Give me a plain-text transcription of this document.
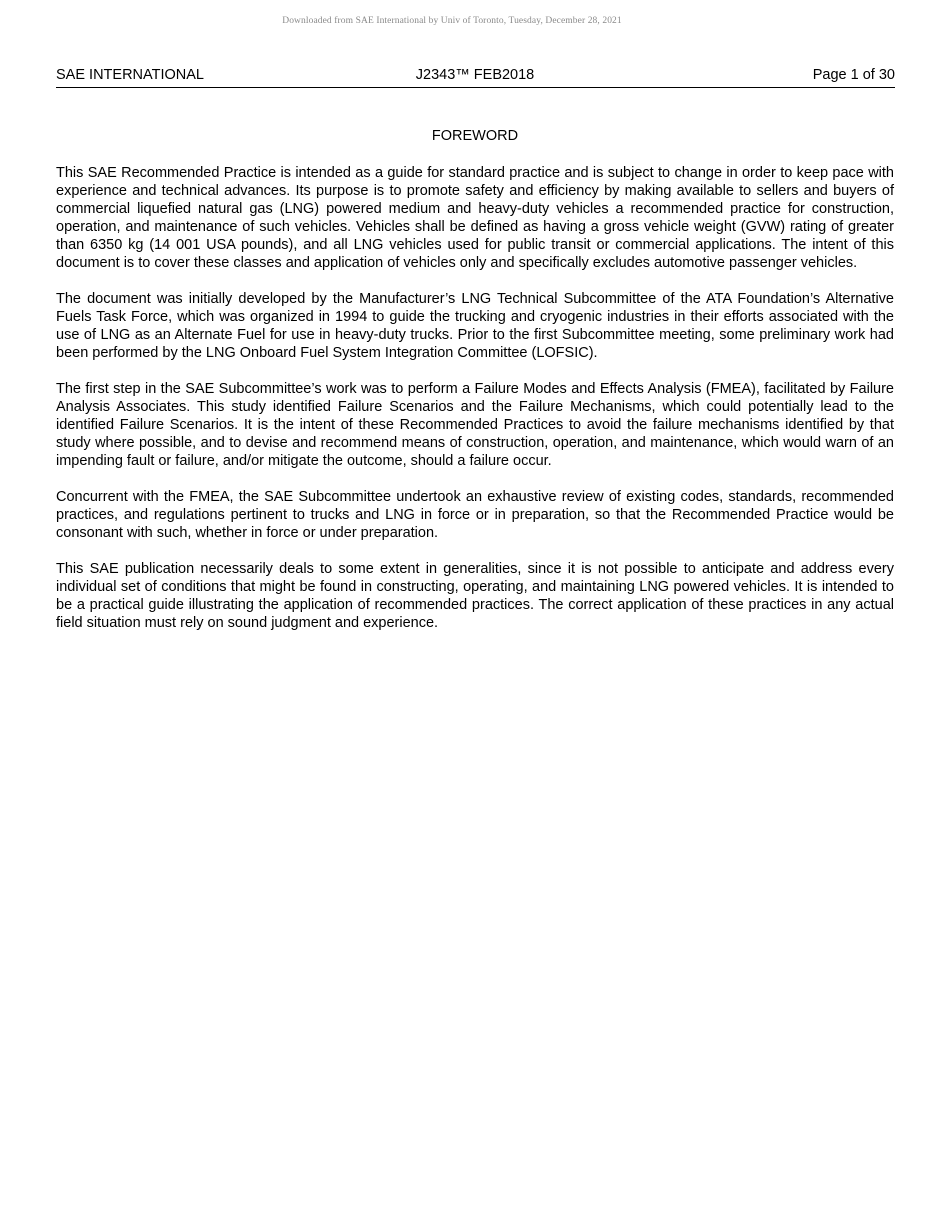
Downloaded from SAE International by Univ of Toronto, Tuesday, December 28, 2021
SAE INTERNATIONAL	J2343™ FEB2018	Page 1 of 30
FOREWORD

This SAE Recommended Practice is intended as a guide for standard practice and is subject to change in order to keep pace with experience and technical advances. Its purpose is to promote safety and efficiency by making available to sellers and buyers of commercial liquefied natural gas (LNG) powered medium and heavy-duty vehicles a recommended practice for construction, operation, and maintenance of such vehicles. Vehicles shall be defined as having a gross vehicle weight (GVW) rating of greater than 6350 kg (14 001 USA pounds), and all LNG vehicles used for public transit or commercial applications. The intent of this document is to cover these classes and application of vehicles only and specifically excludes automotive passenger vehicles.

The document was initially developed by the Manufacturer’s LNG Technical Subcommittee of the ATA Foundation’s Alternative Fuels Task Force, which was organized in 1994 to guide the trucking and cryogenic industries in their efforts associated with the use of LNG as an Alternate Fuel for use in heavy-duty trucks. Prior to the first Subcommittee meeting, some preliminary work had been performed by the LNG Onboard Fuel System Integration Committee (LOFSIC).

The first step in the SAE Subcommittee’s work was to perform a Failure Modes and Effects Analysis (FMEA), facilitated by Failure Analysis Associates. This study identified Failure Scenarios and the Failure Mechanisms, which could potentially lead to the identified Failure Scenarios. It is the intent of these Recommended Practices to avoid the failure mechanisms identified by that study where possible, and to devise and recommend means of construction, operation, and maintenance, which would warn of an impending fault or failure, and/or mitigate the outcome, should a failure occur.

Concurrent with the FMEA, the SAE Subcommittee undertook an exhaustive review of existing codes, standards, recommended practices, and regulations pertinent to trucks and LNG in force or in preparation, so that the Recommended Practice would be consonant with such, whether in force or under preparation.

This SAE publication necessarily deals to some extent in generalities, since it is not possible to anticipate and address every individual set of conditions that might be found in constructing, operating, and maintaining LNG powered vehicles. It is intended to be a practical guide illustrating the application of recommended practices. The correct application of these practices in any actual field situation must rely on sound judgment and experience.
